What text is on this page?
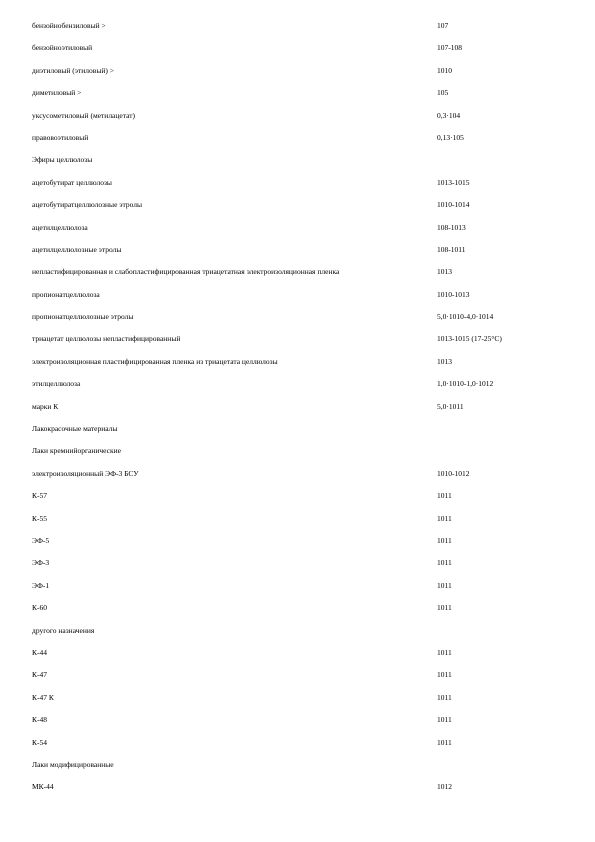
бензойнобензиловый >	107
бензойноэтиловый	107-108
диэтиловый (этиловый) >	1010
диметиловый >	105
уксусометиловый (метилацетат)	0,3·104
правовоэтиловый	0,13·105
Эфиры целлюлозы
ацетобутират целлюлозы	1013-1015
ацетобутиратцеллюлозные этролы	1010-1014
ацетилцеллюлоза	108-1013
ацетилцеллюлозные этролы	108-1011
непластифицированная и слабопластифицированная триацетатная электроизоляционная пленка	1013
пропионатцеллюлоза	1010-1013
пропионатцеллюлозные этролы	5,0·1010-4,0·1014
триацетат целлюлозы непластифицированный	1013-1015 (17-25°С)
электроизоляционная пластифицированная пленка из триацетата целлюлозы	1013
этилцеллюлоза	1,0·1010-1,0·1012
марки К	5,0·1011
Лакокрасочные материалы
Лаки кремнийорганические
электроизоляционный ЭФ-3 БСУ	1010-1012
К-57	1011
К-55	1011
ЭФ-5	1011
ЭФ-3	1011
ЭФ-1	1011
К-60	1011
другого назначения
К-44	1011
К-47	1011
К-47 К	1011
К-48	1011
К-54	1011
Лаки модифицированные
МК-44	1012
